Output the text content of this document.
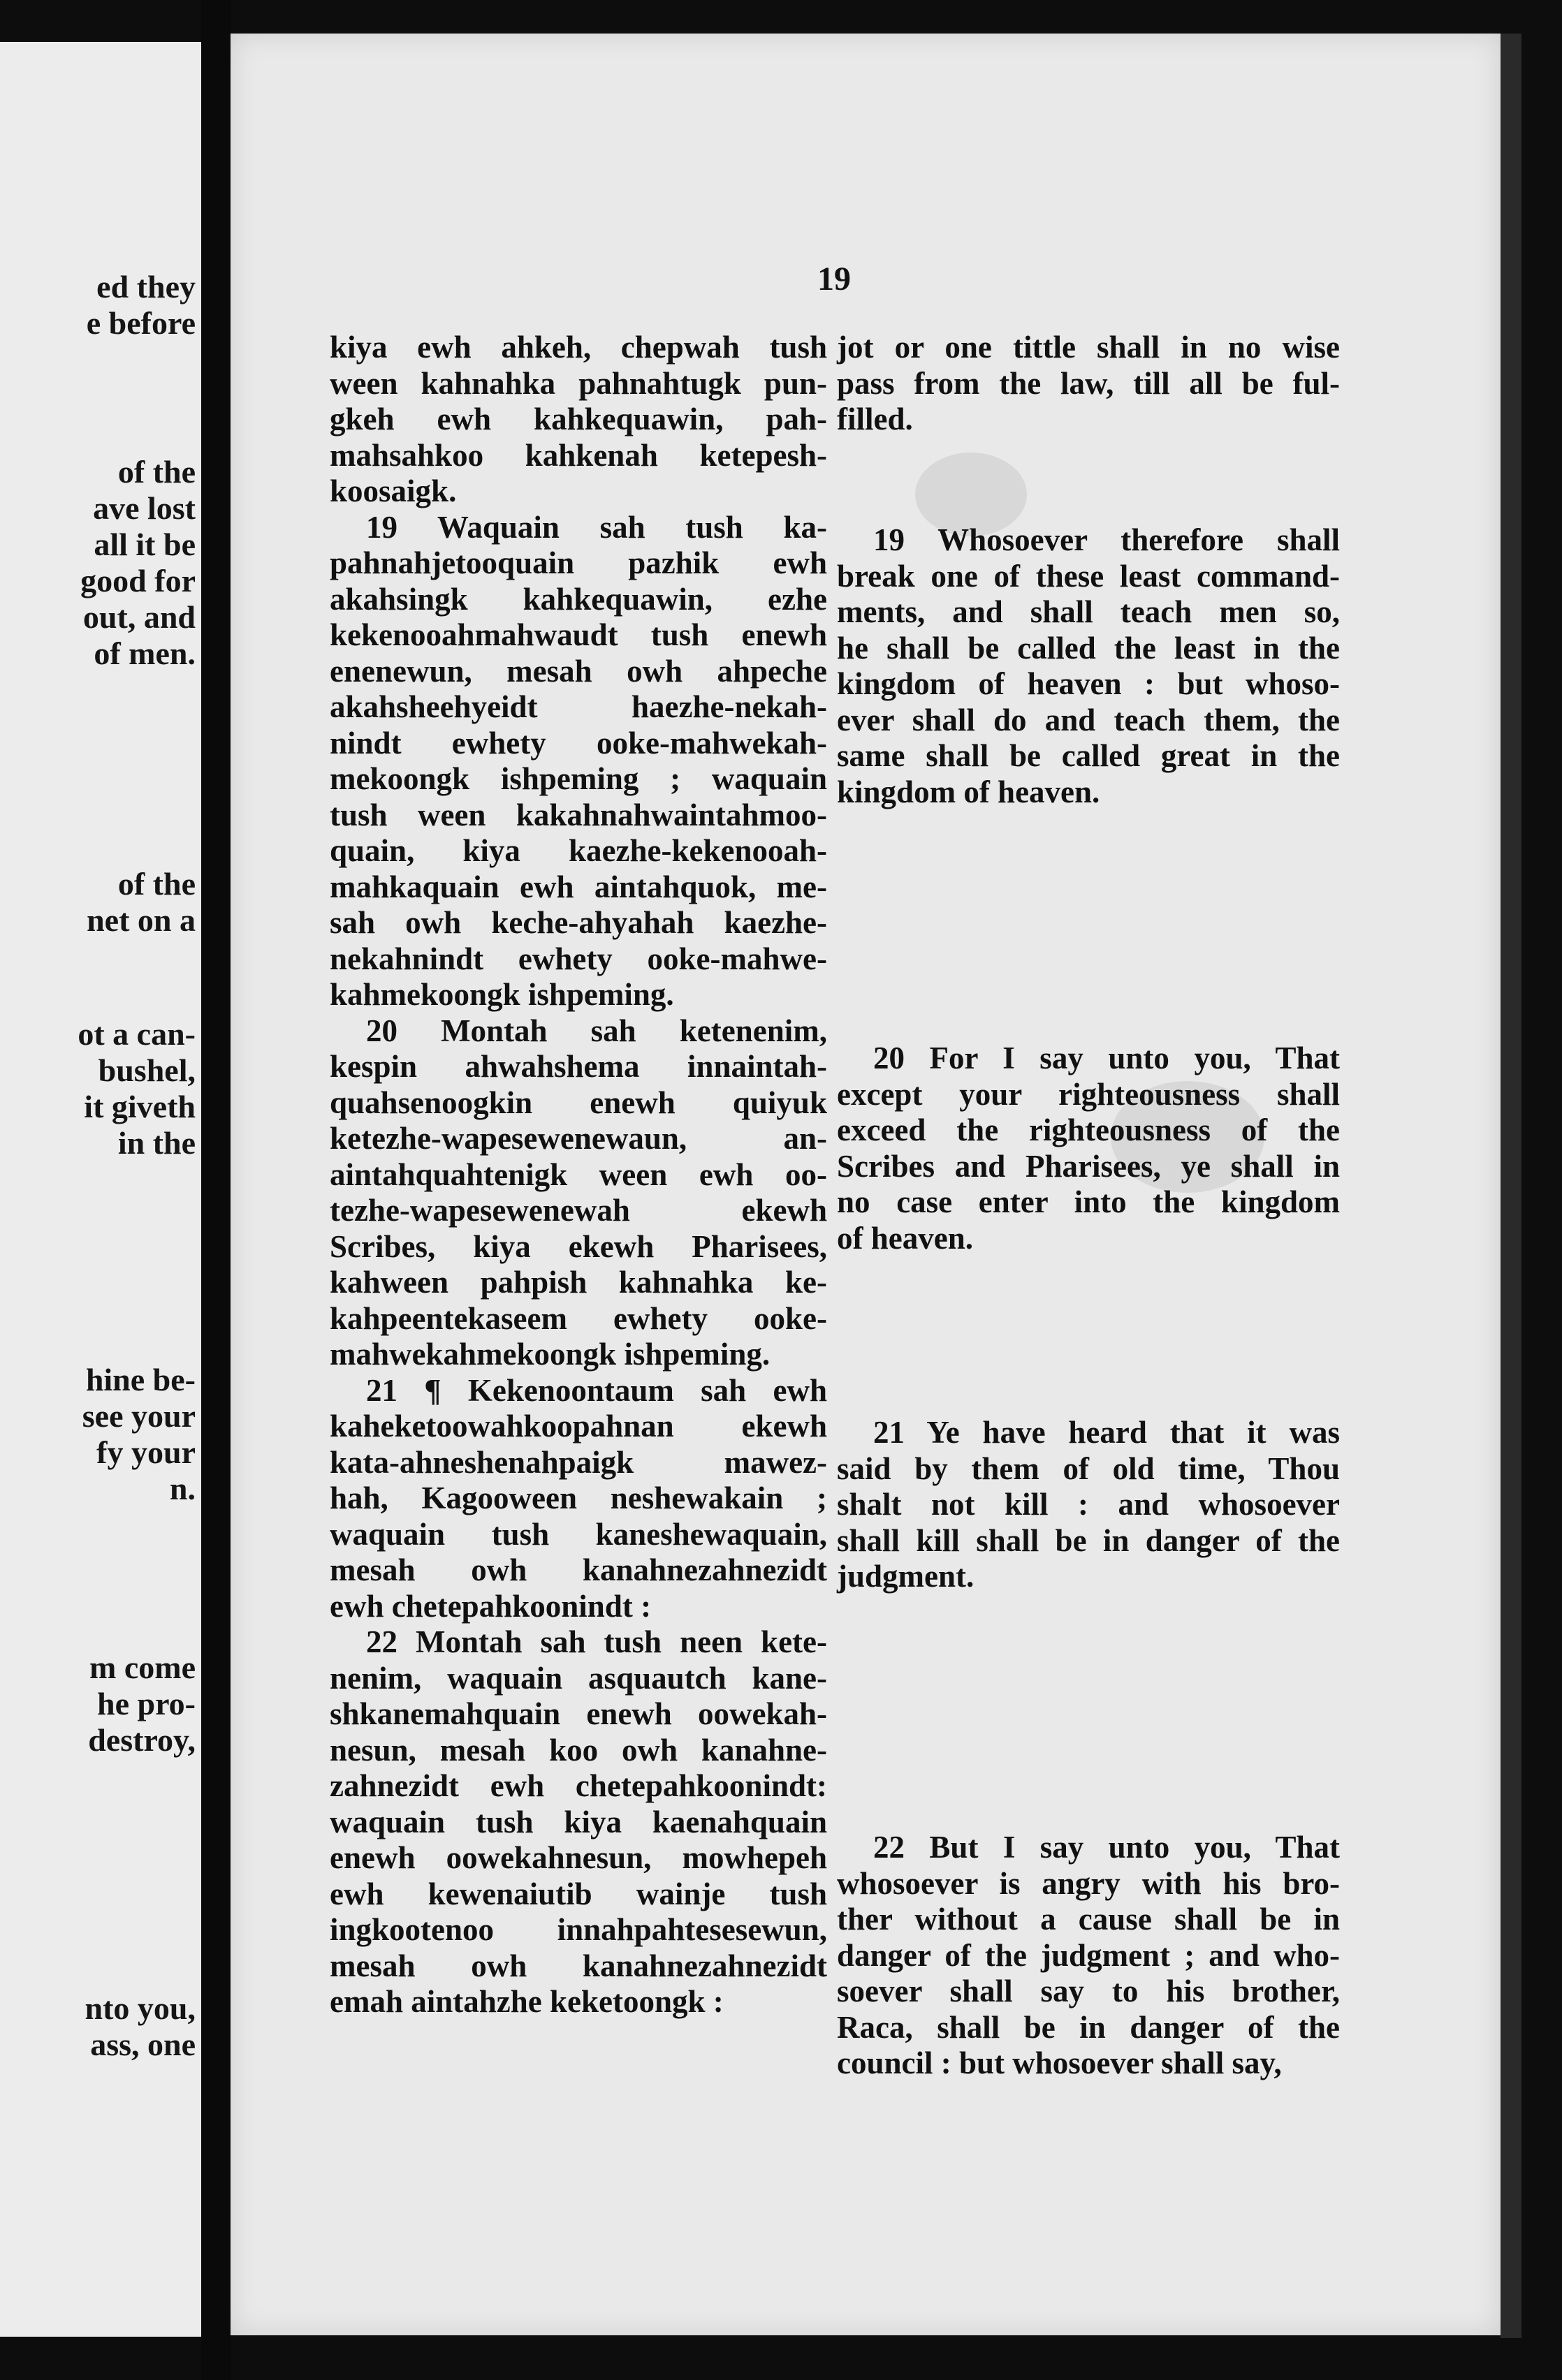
ed they
e before
of the
ave lost
all it be
good for
out, and
of men.
of the
net on a
ot a can-
bushel,
it giveth
in the
hine be-
see your
fy your
n.
m come
he pro-
destroy,
nto you,
ass, one
19
kiya ewh ahkeh, chepwah tush
ween kahnahka pahnahtugk pun-
gkeh ewh kahkequawin, pah-
mahsahkoo kahkenah ketepesh-
koosaigk.
19 Waquain sah tush ka-
pahnahjetooquain pazhik ewh
akahsingk kahkequawin, ezhe
kekenooahmahwaudt tush enewh
enenewun, mesah owh ahpeche
akahsheehyeidt haezhe-nekah-
nindt ewhety ooke-mahwekah-
mekoongk ishpeming ; waquain
tush ween kakahnahwaintahmoo-
quain, kiya kaezhe-kekenooah-
mahkaquain ewh aintahquok, me-
sah owh keche-ahyahah kaezhe-
nekahnindt ewhety ooke-mahwe-
kahmekoongk ishpeming.
20 Montah sah ketenenim,
kespin ahwahshema innaintah-
quahsenoogkin enewh quiyuk
ketezhe-wapesewenewaun, an-
aintahquahtenigk ween ewh oo-
tezhe-wapesewenewah ekewh
Scribes, kiya ekewh Pharisees,
kahween pahpish kahnahka ke-
kahpeentekaseem ewhety ooke-
mahwekahmekoongk ishpeming.
21 ¶ Kekenoontaum sah ewh
kaheketoowahkoopahnan ekewh
kata-ahneshenahpaigk mawez-
hah, Kagooween neshewakain ;
waquain tush kaneshewaquain,
mesah owh kanahnezahnezidt
ewh chetepahkoonindt :
22 Montah sah tush neen kete-
nenim, waquain asquautch kane-
shkanemahquain enewh oowekah-
nesun, mesah koo owh kanahne-
zahnezidt ewh chetepahkoonindt:
waquain tush kiya kaenahquain
enewh oowekahnesun, mowhepeh
ewh kewenaiutib wainje tush
ingkootenoo innahpahtesesewun,
mesah owh kanahnezahnezidt
emah aintahzhe keketoongk :
jot or one tittle shall in no wise
pass from the law, till all be ful-
filled.
19 Whosoever therefore shall
break one of these least command-
ments, and shall teach men so,
he shall be called the least in the
kingdom of heaven : but whoso-
ever shall do and teach them, the
same shall be called great in the
kingdom of heaven.
20 For I say unto you, That
except your righteousness shall
exceed the righteousness of the
Scribes and Pharisees, ye shall in
no case enter into the kingdom
of heaven.
21 Ye have heard that it was
said by them of old time, Thou
shalt not kill : and whosoever
shall kill shall be in danger of the
judgment.
22 But I say unto you, That
whosoever is angry with his bro-
ther without a cause shall be in
danger of the judgment ; and who-
soever shall say to his brother,
Raca, shall be in danger of the
council : but whosoever shall say,
